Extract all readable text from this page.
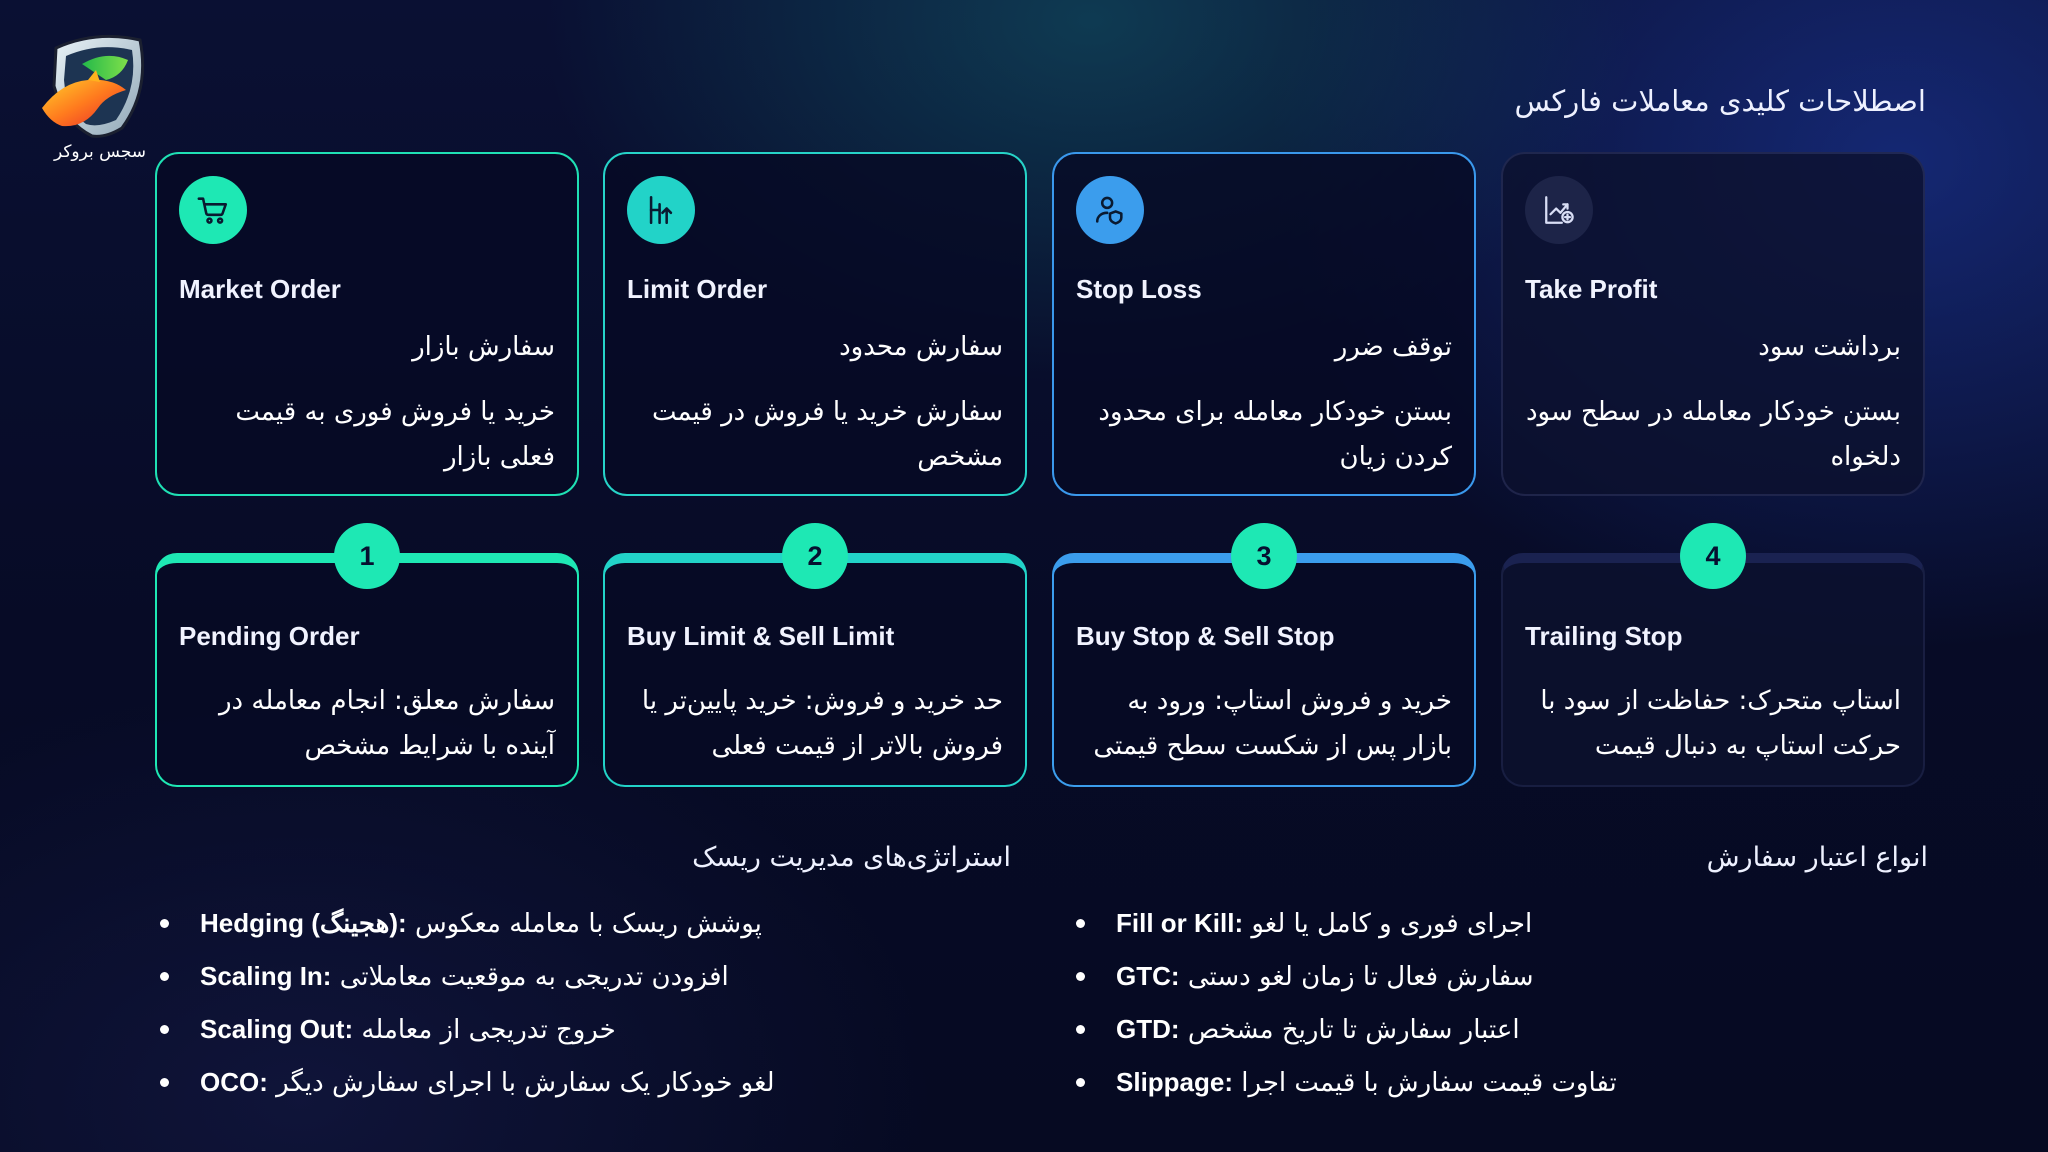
سجس بروکر
اصطلاحات کلیدی معاملات فارکس
Market Order
سفارش بازار
خرید یا فروش فوری به قیمت فعلی بازار
Limit Order
سفارش محدود
سفارش خرید یا فروش در قیمت مشخص
Stop Loss
توقف ضرر
بستن خودکار معامله برای محدود کردن زیان
Take Profit
برداشت سود
بستن خودکار معامله در سطح سود دلخواه
Pending Order
سفارش معلق: انجام معامله در آینده با شرایط مشخص
Buy Limit & Sell Limit
حد خرید و فروش: خرید پایین‌تر یا فروش بالاتر از قیمت فعلی
Buy Stop & Sell Stop
خرید و فروش استاپ: ورود به بازار پس از شکست سطح قیمتی
Trailing Stop
استاپ متحرک: حفاظت از سود با حرکت استاپ به دنبال قیمت
1	2	3	4
استراتژی‌های مدیریت ریسک	انواع اعتبار سفارش
Hedging (هجینگ): پوشش ریسک با معامله معکوس
Scaling In: افزودن تدریجی به موقعیت معاملاتی
Scaling Out: خروج تدریجی از معامله
OCO: لغو خودکار یک سفارش با اجرای سفارش دیگر
Fill or Kill: اجرای فوری و کامل یا لغو
GTC: سفارش فعال تا زمان لغو دستی
GTD: اعتبار سفارش تا تاریخ مشخص
Slippage: تفاوت قیمت سفارش با قیمت اجرا
